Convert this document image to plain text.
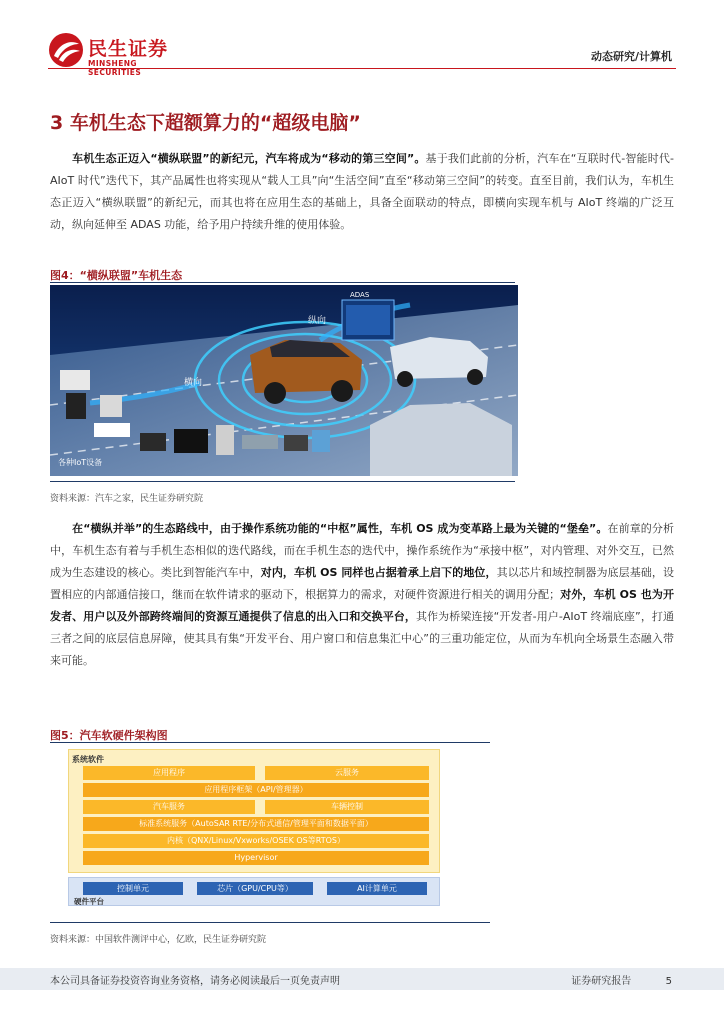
民生证券
MINSHENG SECURITIES
动态研究/计算机
3 车机生态下超额算力的“超级电脑”
车机生态正迈入“横纵联盟”的新纪元，汽车将成为“移动的第三空间”。基于我们此前的分析，汽车在“互联时代-智能时代-AIoT 时代”迭代下，其产品属性也将实现从“载人工具”向“生活空间”直至“移动第三空间”的转变。直至目前，我们认为，车机生态正迈入“横纵联盟”的新纪元，而其也将在应用生态的基础上，具备全面联动的特点，即横向实现车机与 AIoT 终端的广泛互动，纵向延伸至 ADAS 功能，给予用户持续升维的使用体验。
图4：“横纵联盟”车机生态
各种IoT设备
ADAS
纵向
横向
资料来源：汽车之家，民生证券研究院
在“横纵并举”的生态路线中，由于操作系统功能的“中枢”属性，车机 OS 成为变革路上最为关键的“堡垒”。在前章的分析中，车机生态有着与手机生态相似的迭代路线，而在手机生态的迭代中，操作系统作为“承接中枢”，对内管理、对外交互，已然成为生态建设的核心。类比到智能汽车中，对内，车机 OS 同样也占据着承上启下的地位，其以芯片和域控制器为底层基础，设置相应的内部通信接口，继而在软件请求的驱动下，根据算力的需求，对硬件资源进行相关的调用分配；对外，车机 OS 也为开发者、用户以及外部跨终端间的资源互通提供了信息的出入口和交换平台，其作为桥梁连接“开发者-用户-AIoT 终端底座”，打通三者之间的底层信息屏障，使其具有集“开发平台、用户窗口和信息集汇中心”的三重功能定位，从而为车机向全场景生态融入带来可能。
图5：汽车软硬件架构图
系统软件
应用程序	云服务
应用程序框架（API/管理器）
汽车服务	车辆控制
标准系统服务（AutoSAR RTE/分布式通信/管理平面和数据平面）
内核（QNX/Linux/Vxworks/OSEK OS等RTOS）
Hypervisor
控制单元	芯片（GPU/CPU等）	AI计算单元
硬件平台
资料来源：中国软件测评中心，亿欧，民生证券研究院
本公司具备证券投资咨询业务资格，请务必阅读最后一页免责声明	证券研究报告	5
